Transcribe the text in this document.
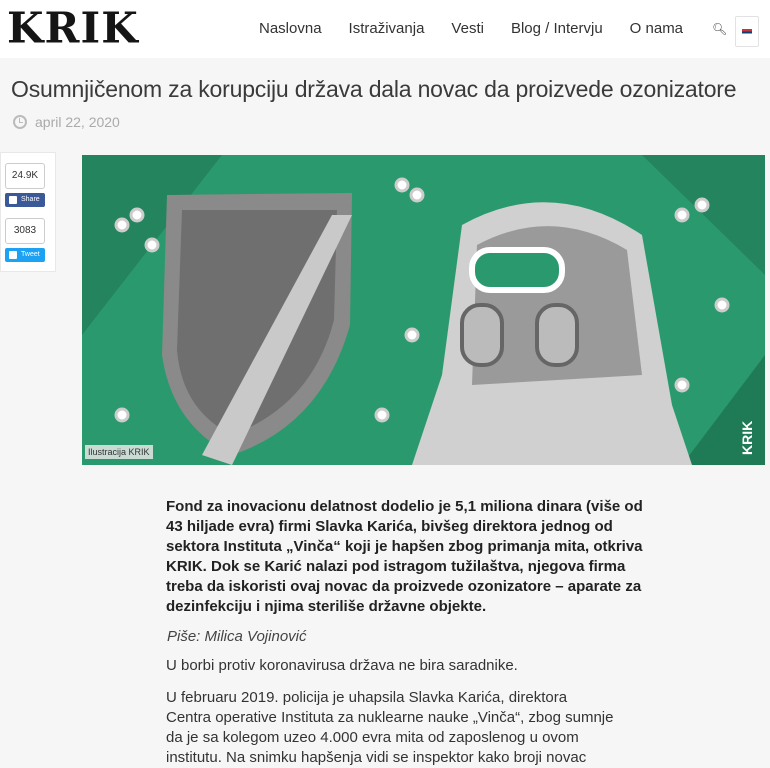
KRIK	Naslovna Istraživanja Vesti Blog / Intervju O nama 🔍︎
Osumnjičenom za korupciju država dala novac da proizvede ozonizatore
april 22, 2020
24.9K
Share
3083
Tweet
KRIK
Ilustracija KRIK
Fond za inovacionu delatnost dodelio je 5,1 miliona dinara (više od
43 hiljade evra) firmi Slavka Karića, bivšeg direktora jednog od
sektora Instituta „Vinča“ koji je hapšen zbog primanja mita, otkriva
KRIK. Dok se Karić nalazi pod istragom tužilaštva, njegova firma
treba da iskoristi ovaj novac da proizvede ozonizatore – aparate za
dezinfekciju i njima steriliše državne objekte.
Piše: Milica Vojinović
U borbi protiv koronavirusa država ne bira saradnike.
U februaru 2019. policija je uhapsila Slavka Karića, direktora
Centra operative Instituta za nuklearne nauke „Vinča“, zbog sumnje
da je sa kolegom uzeo 4.000 evra mita od zaposlenog u ovom
institutu. Na snimku hapšenja vidi se inspektor kako broji novac
